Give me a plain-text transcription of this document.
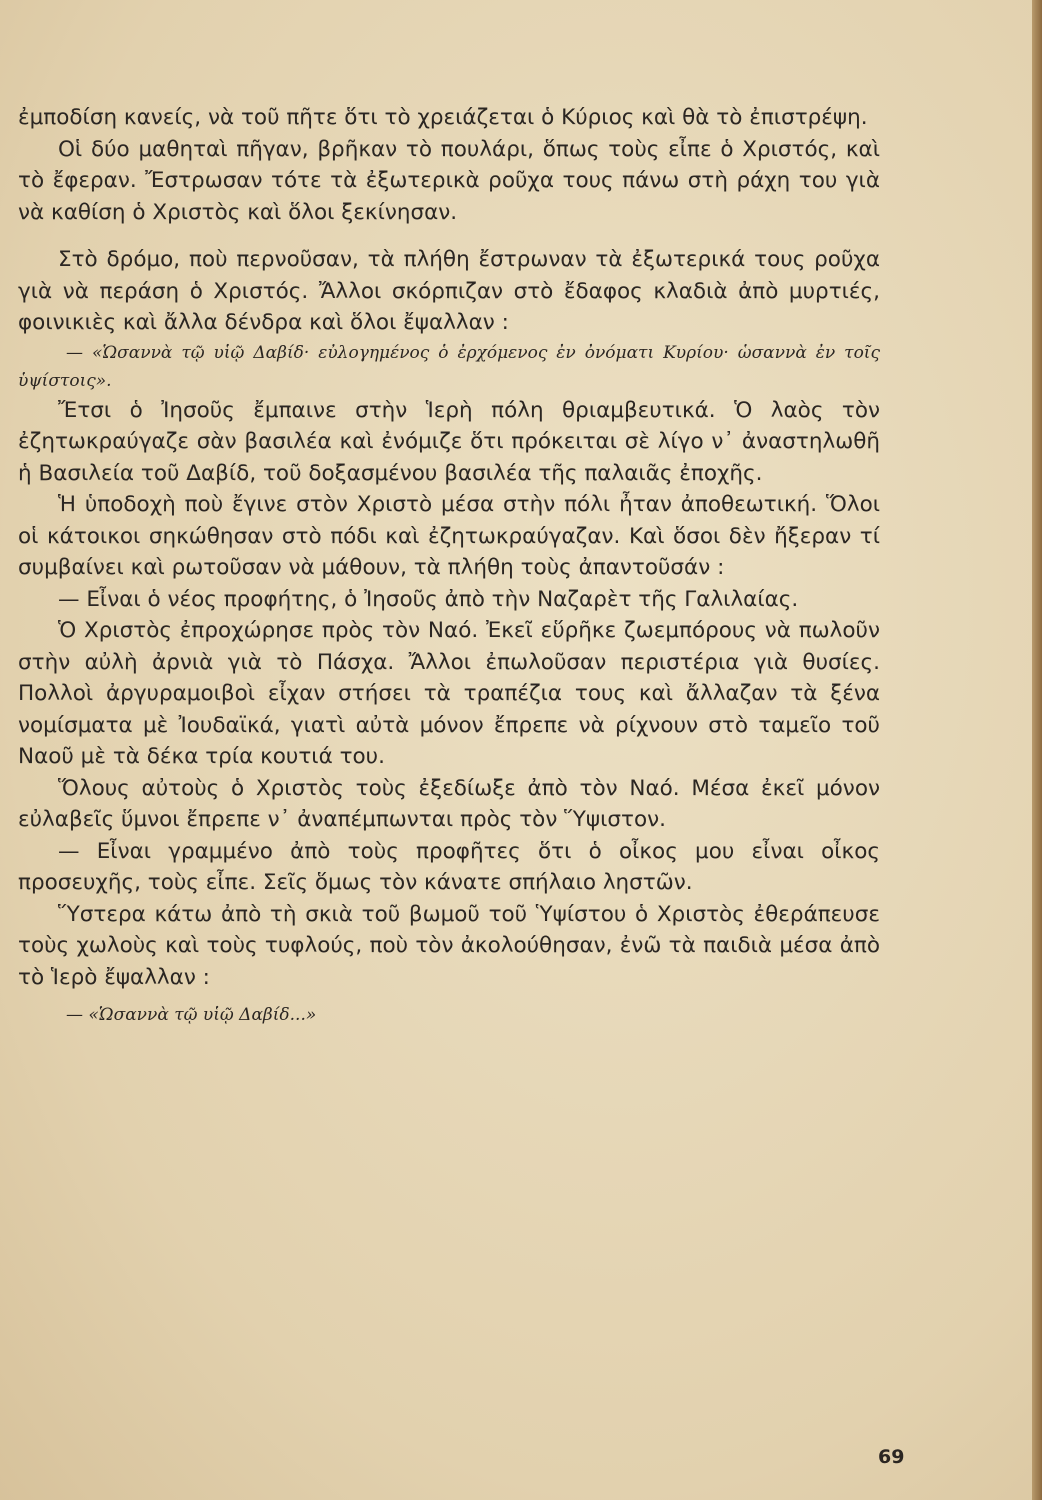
ἐμποδίση κανείς, νὰ τοῦ πῆτε ὅτι τὸ χρειάζεται ὁ Κύριος καὶ θὰ τὸ ἐπιστρέψη.

Οἱ δύο μαθηταὶ πῆγαν, βρῆκαν τὸ πουλάρι, ὅπως τοὺς εἶπε ὁ Χριστός, καὶ τὸ ἔφεραν. Ἔστρωσαν τότε τὰ ἐξωτερικὰ ροῦχα τους πάνω στὴ ράχη του γιὰ νὰ καθίση ὁ Χριστὸς καὶ ὅλοι ξεκίνησαν.

Στὸ δρόμο, ποὺ περνοῦσαν, τὰ πλήθη ἔστρωναν τὰ ἐξωτερικά τους ροῦχα γιὰ νὰ περάση ὁ Χριστός. Ἄλλοι σκόρπιζαν στὸ ἔδαφος κλαδιὰ ἀπὸ μυρτιές, φοινικιὲς καὶ ἄλλα δένδρα καὶ ὅλοι ἔψαλλαν :

— «Ὡσαννὰ τῷ υἱῷ Δαβίδ· εὐλογημένος ὁ ἐρχόμενος ἐν ὀνόματι Κυρίου· ὡσαννὰ ἐν τοῖς ὑψίστοις».

Ἔτσι ὁ Ἰησοῦς ἔμπαινε στὴν Ἱερὴ πόλη θριαμβευτικά. Ὁ λαὸς τὸν ἐζητωκραύγαζε σὰν βασιλέα καὶ ἐνόμιζε ὅτι πρόκειται σὲ λίγο ν᾽ ἀναστηλωθῆ ἡ Βασιλεία τοῦ Δαβίδ, τοῦ δοξασμένου βασιλέα τῆς παλαιᾶς ἐποχῆς.

Ἡ ὑποδοχὴ ποὺ ἔγινε στὸν Χριστὸ μέσα στὴν πόλι ἦταν ἀποθεωτική. Ὅλοι οἱ κάτοικοι σηκώθησαν στὸ πόδι καὶ ἐζητωκραύγαζαν. Καὶ ὅσοι δὲν ἤξεραν τί συμβαίνει καὶ ρωτοῦσαν νὰ μάθουν, τὰ πλήθη τοὺς ἀπαντοῦσάν :

— Εἶναι ὁ νέος προφήτης, ὁ Ἰησοῦς ἀπὸ τὴν Ναζαρὲτ τῆς Γαλιλαίας.

Ὁ Χριστὸς ἐπροχώρησε πρὸς τὸν Ναό. Ἐκεῖ εὕρῆκε ζωεμπόρους νὰ πωλοῦν στὴν αὐλὴ ἀρνιὰ γιὰ τὸ Πάσχα. Ἄλλοι ἐπωλοῦσαν περιστέρια γιὰ θυσίες. Πολλοὶ ἀργυραμοιβοὶ εἶχαν στήσει τὰ τραπέζια τους καὶ ἄλλαζαν τὰ ξένα νομίσματα μὲ Ἰουδαϊκά, γιατὶ αὐτὰ μόνον ἔπρεπε νὰ ρίχνουν στὸ ταμεῖο τοῦ Ναοῦ μὲ τὰ δέκα τρία κουτιά του.

Ὅλους αὐτοὺς ὁ Χριστὸς τοὺς ἐξεδίωξε ἀπὸ τὸν Ναό. Μέσα ἐκεῖ μόνον εὐλαβεῖς ὕμνοι ἔπρεπε ν᾽ ἀναπέμπωνται πρὸς τὸν Ὕψιστον.

— Εἶναι γραμμένο ἀπὸ τοὺς προφῆτες ὅτι ὁ οἶκος μου εἶναι οἶκος προσευχῆς, τοὺς εἶπε. Σεῖς ὅμως τὸν κάνατε σπήλαιο ληστῶν.

Ὕστερα κάτω ἀπὸ τὴ σκιὰ τοῦ βωμοῦ τοῦ Ὑψίστου ὁ Χριστὸς ἐθεράπευσε τοὺς χωλοὺς καὶ τοὺς τυφλούς, ποὺ τὸν ἀκολούθησαν, ἐνῶ τὰ παιδιὰ μέσα ἀπὸ τὸ Ἱερὸ ἔψαλλαν :

— «Ὡσαννὰ τῷ υἱῷ Δαβίδ...»

69
